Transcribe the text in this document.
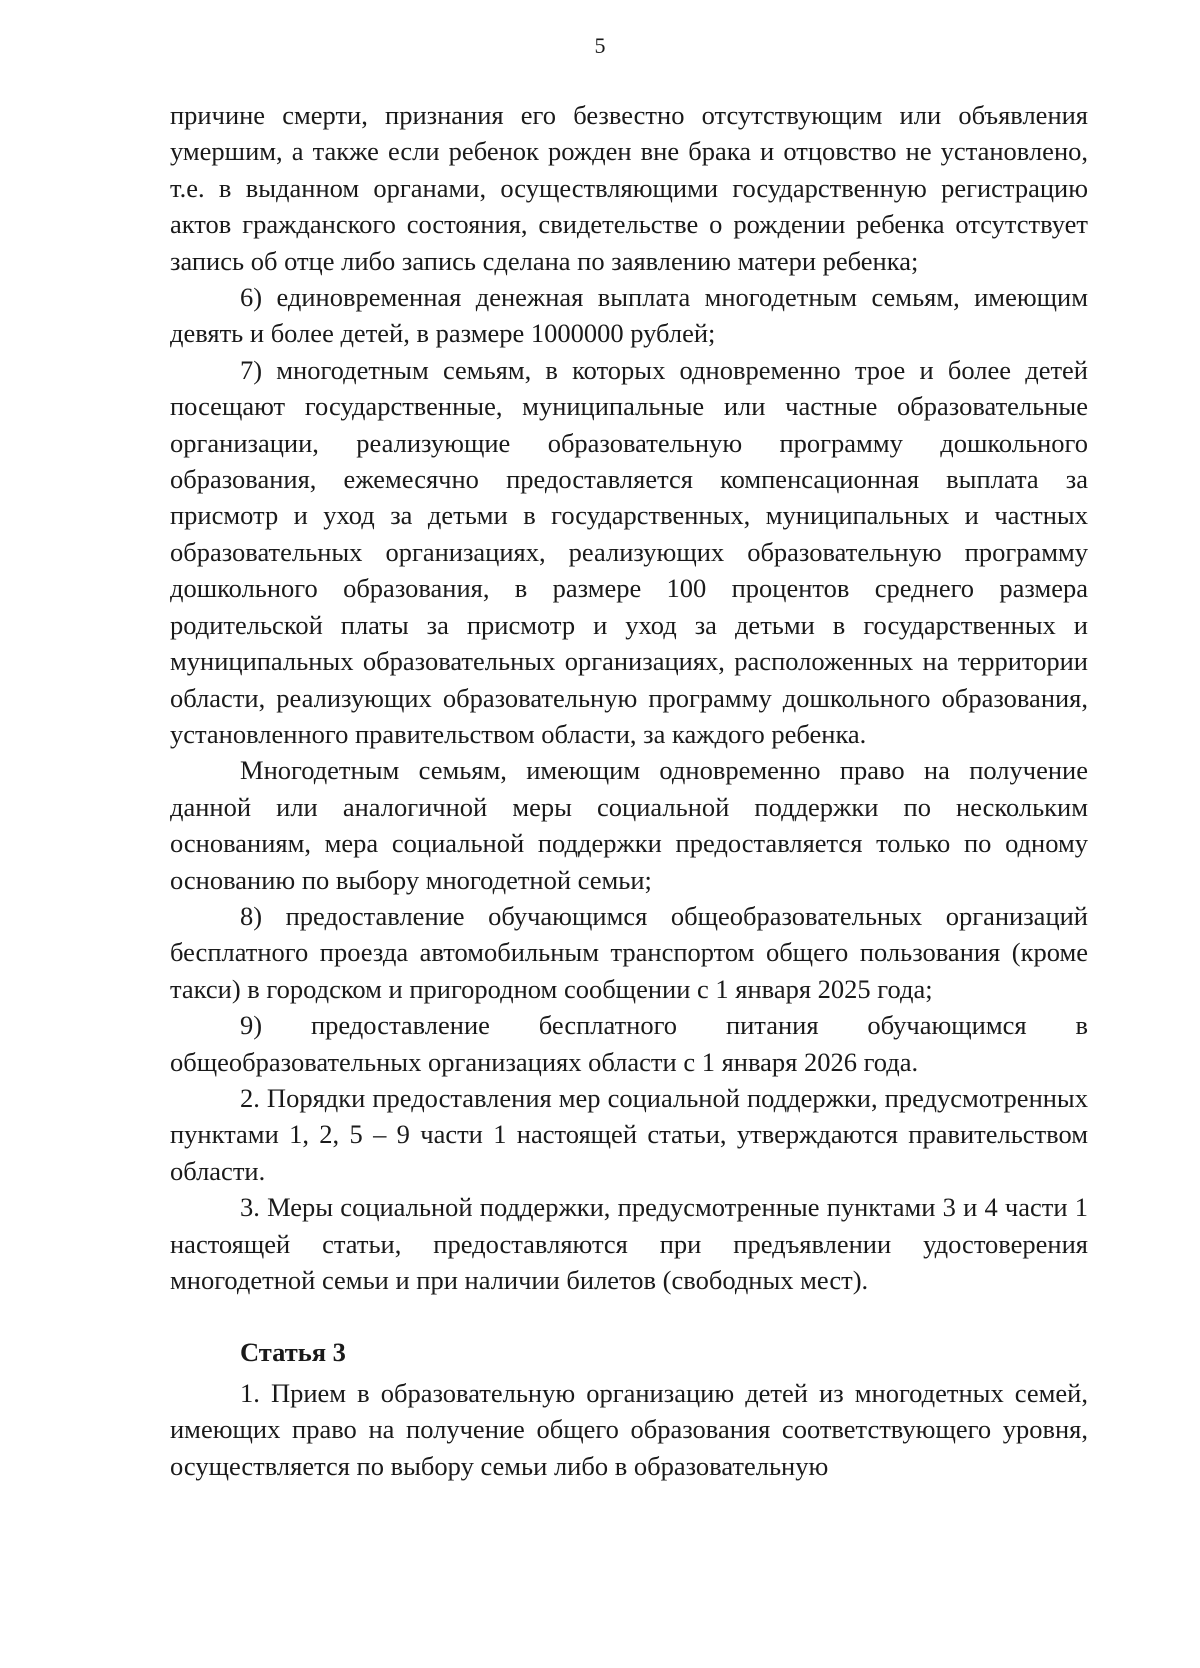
5

причине смерти, признания его безвестно отсутствующим или объявления умершим, а также если ребенок рожден вне брака и отцовство не установлено, т.е. в выданном органами, осуществляющими государственную регистрацию актов гражданского состояния, свидетельстве о рождении ребенка отсутствует запись об отце либо запись сделана по заявлению матери ребенка;

6) единовременная денежная выплата многодетным семьям, имеющим девять и более детей, в размере 1000000 рублей;

7) многодетным семьям, в которых одновременно трое и более детей посещают государственные, муниципальные или частные образовательные организации, реализующие образовательную программу дошкольного образования, ежемесячно предоставляется компенсационная выплата за присмотр и уход за детьми в государственных, муниципальных и частных образовательных организациях, реализующих образовательную программу дошкольного образования, в размере 100 процентов среднего размера родительской платы за присмотр и уход за детьми в государственных и муниципальных образовательных организациях, расположенных на территории области, реализующих образовательную программу дошкольного образования, установленного правительством области, за каждого ребенка.

Многодетным семьям, имеющим одновременно право на получение данной или аналогичной меры социальной поддержки по нескольким основаниям, мера социальной поддержки предоставляется только по одному основанию по выбору многодетной семьи;

8) предоставление обучающимся общеобразовательных организаций бесплатного проезда автомобильным транспортом общего пользования (кроме такси) в городском и пригородном сообщении с 1 января 2025 года;

9) предоставление бесплатного питания обучающимся в общеобразовательных организациях области с 1 января 2026 года.

2. Порядки предоставления мер социальной поддержки, предусмотренных пунктами 1, 2, 5 – 9 части 1 настоящей статьи, утверждаются правительством области.

3. Меры социальной поддержки, предусмотренные пунктами 3 и 4 части 1 настоящей статьи, предоставляются при предъявлении удостоверения многодетной семьи и при наличии билетов (свободных мест).

Статья 3

1. Прием в образовательную организацию детей из многодетных семей, имеющих право на получение общего образования соответствующего уровня, осуществляется по выбору семьи либо в образовательную
